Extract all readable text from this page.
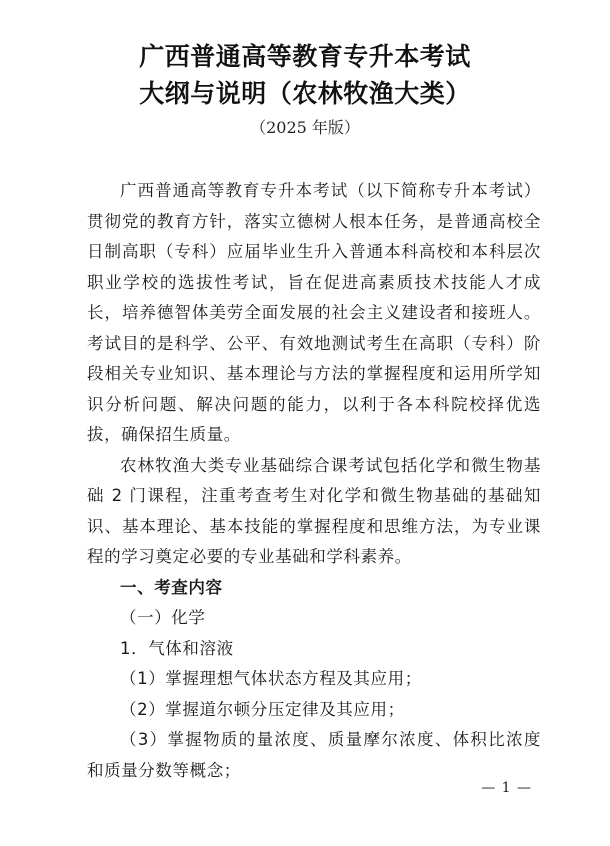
广西普通高等教育专升本考试
大纲与说明（农林牧渔大类）
（2025 年版）

广西普通高等教育专升本考试（以下简称专升本考试）贯彻党的教育方针，落实立德树人根本任务，是普通高校全日制高职（专科）应届毕业生升入普通本科高校和本科层次职业学校的选拔性考试，旨在促进高素质技术技能人才成长，培养德智体美劳全面发展的社会主义建设者和接班人。考试目的是科学、公平、有效地测试考生在高职（专科）阶段相关专业知识、基本理论与方法的掌握程度和运用所学知识分析问题、解决问题的能力，以利于各本科院校择优选拔，确保招生质量。

农林牧渔大类专业基础综合课考试包括化学和微生物基础 2 门课程，注重考查考生对化学和微生物基础的基础知识、基本理论、基本技能的掌握程度和思维方法，为专业课程的学习奠定必要的专业基础和学科素养。

一、考查内容

（一）化学

1．气体和溶液

（1）掌握理想气体状态方程及其应用；

（2）掌握道尔顿分压定律及其应用；

（3）掌握物质的量浓度、质量摩尔浓度、体积比浓度和质量分数等概念；

— 1 —
